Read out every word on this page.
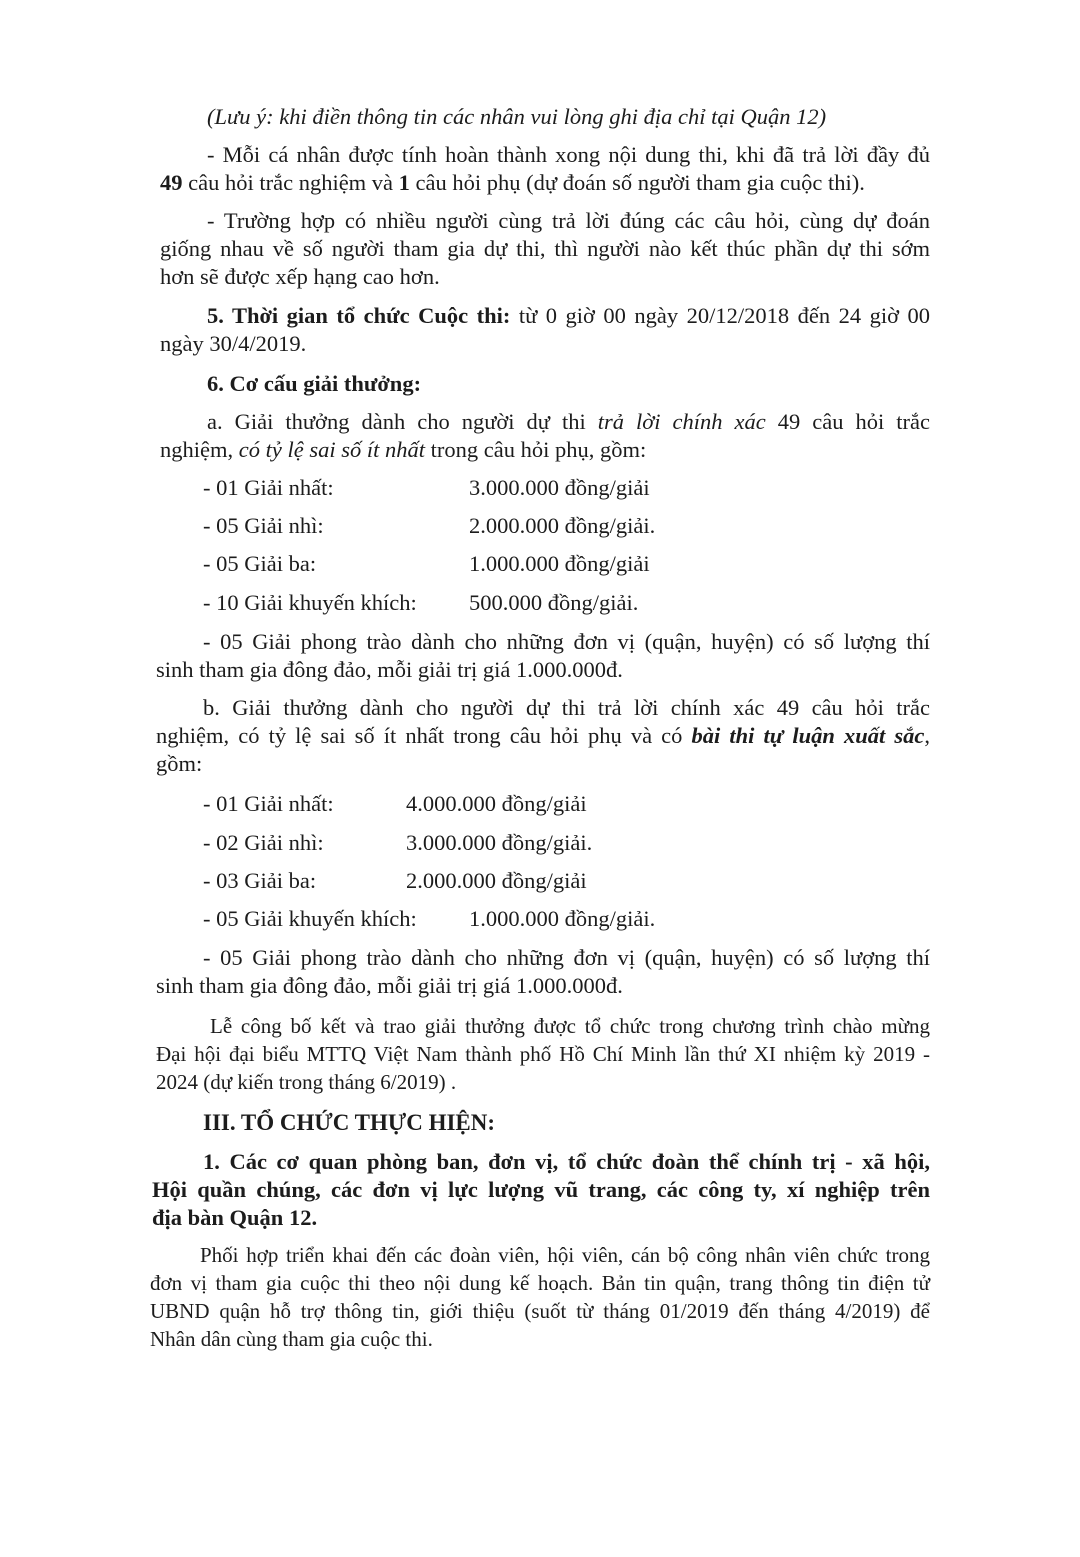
(Lưu ý: khi điền thông tin các nhân vui lòng ghi địa chỉ tại Quận 12)
- Mỗi cá nhân được tính hoàn thành xong nội dung thi, khi đã trả lời đầy đủ
49 câu hỏi trắc nghiệm và 1 câu hỏi phụ (dự đoán số người tham gia cuộc thi).
- Trường hợp có nhiều người cùng trả lời đúng các câu hỏi, cùng dự đoán
giống nhau về số người tham gia dự thi, thì người nào kết thúc phần dự thi sớm
hơn sẽ được xếp hạng cao hơn.
5. Thời gian tổ chức Cuộc thi: từ 0 giờ 00 ngày 20/12/2018 đến 24 giờ 00
ngày 30/4/2019.
6. Cơ cấu giải thưởng:
a. Giải thưởng dành cho người dự thi trả lời chính xác 49 câu hỏi trắc
nghiệm, có tỷ lệ sai số ít nhất trong câu hỏi phụ, gồm:
- 01 Giải nhất:	3.000.000 đồng/giải
- 05 Giải nhì:	2.000.000 đồng/giải.
- 05 Giải ba:	1.000.000 đồng/giải
- 10 Giải khuyến khích: 500.000 đồng/giải.
- 05 Giải phong trào dành cho những đơn vị (quận, huyện) có số lượng thí
sinh tham gia đông đảo, mỗi giải trị giá 1.000.000đ.
b. Giải thưởng dành cho người dự thi trả lời chính xác 49 câu hỏi trắc
nghiệm, có tỷ lệ sai số ít nhất trong câu hỏi phụ và có bài thi tự luận xuất sắc,
gồm:
- 01 Giải nhất:	4.000.000 đồng/giải
- 02 Giải nhì:	3.000.000 đồng/giải.
- 03 Giải ba:	2.000.000 đồng/giải
- 05 Giải khuyến khích: 1.000.000 đồng/giải.
- 05 Giải phong trào dành cho những đơn vị (quận, huyện) có số lượng thí
sinh tham gia đông đảo, mỗi giải trị giá 1.000.000đ.
Lễ công bố kết và trao giải thưởng được tổ chức trong chương trình chào mừng
Đại hội đại biểu MTTQ Việt Nam thành phố Hồ Chí Minh lần thứ XI nhiệm kỳ 2019 -
2024 (dự kiến trong tháng 6/2019) .
III. TỔ CHỨC THỰC HIỆN:
1. Các cơ quan phòng ban, đơn vị, tổ chức đoàn thể chính trị - xã hội,
Hội quần chúng, các đơn vị lực lượng vũ trang, các công ty, xí nghiệp trên
địa bàn Quận 12.
Phối hợp triển khai đến các đoàn viên, hội viên, cán bộ công nhân viên chức trong
đơn vị tham gia cuộc thi theo nội dung kế hoạch. Bản tin quận, trang thông tin điện tử
UBND quận hỗ trợ thông tin, giới thiệu (suốt từ tháng 01/2019 đến tháng 4/2019) để
Nhân dân cùng tham gia cuộc thi.
